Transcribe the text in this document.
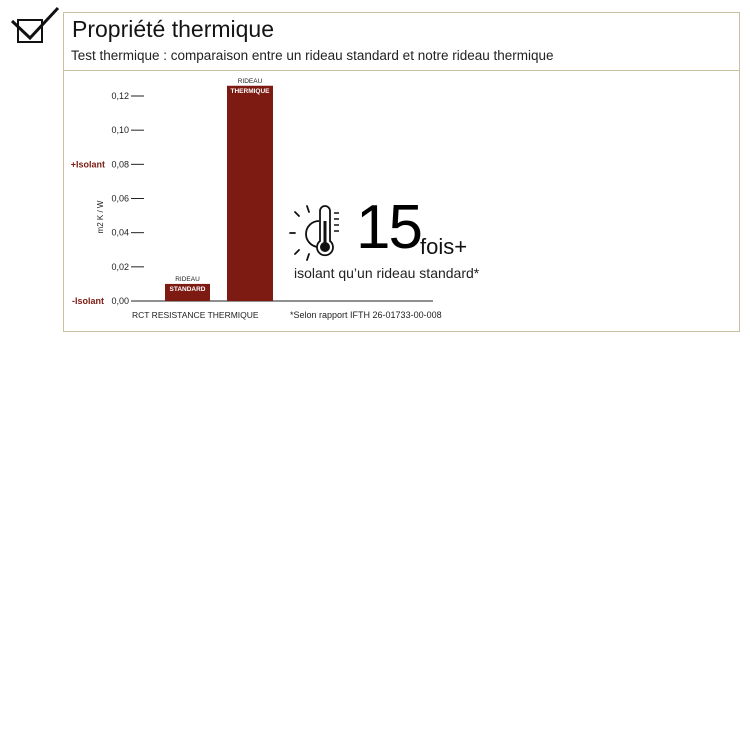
Propriété thermique
Test thermique : comparaison entre un rideau standard et notre rideau thermique
0,00
0,02
0,04
0,06
0,08
0,10
0,12
m2 K / W
+Isolant
-Isolant
RIDEAU
STANDARD
RIDEAU
THERMIQUE
RCT RESISTANCE THERMIQUE
15 fois+
isolant qu’un rideau standard*
*Selon rapport IFTH 26-01733-00-008
